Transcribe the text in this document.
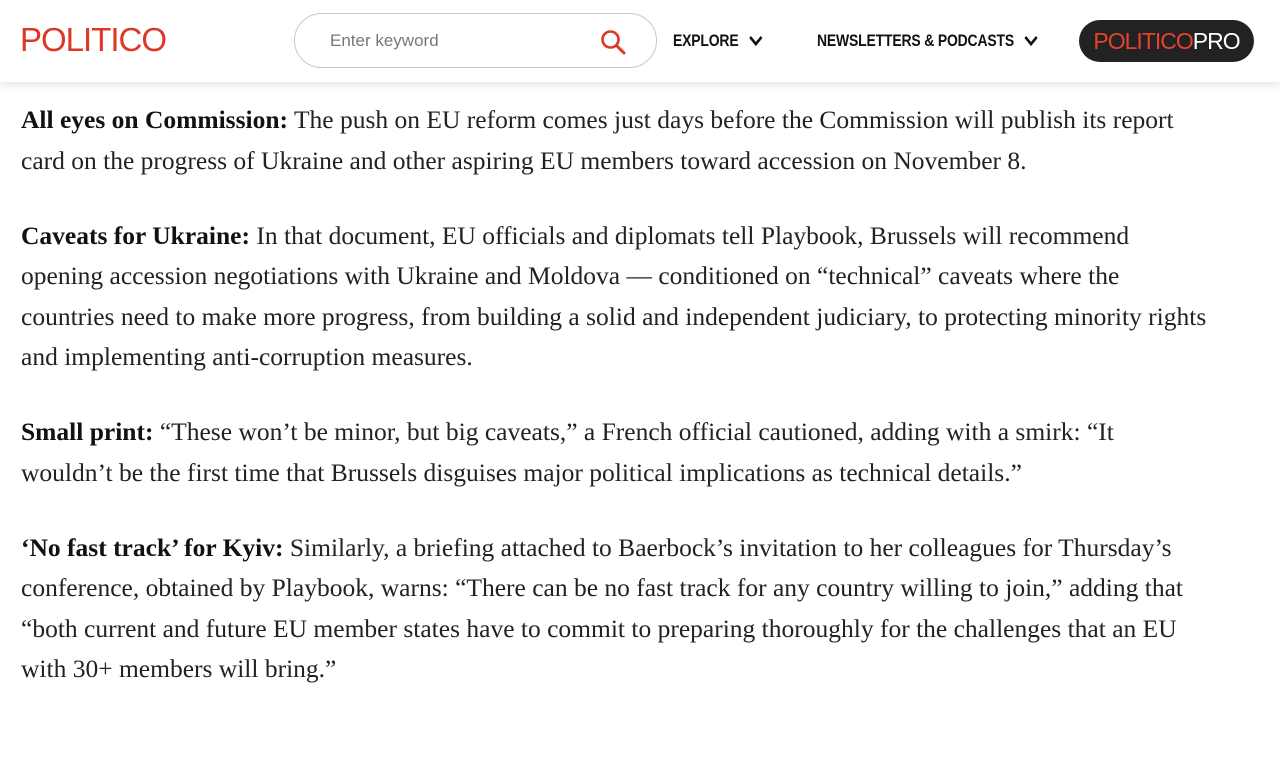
POLITICO
Enter keyword	EXPLORE	NEWSLETTERS & PODCASTS	POLITICO PRO

All eyes on Commission: The push on EU reform comes just days before the Commission will publish its report card on the progress of Ukraine and other aspiring EU members toward accession on November 8.

Caveats for Ukraine: In that document, EU officials and diplomats tell Playbook, Brussels will recommend opening accession negotiations with Ukraine and Moldova — conditioned on “technical” caveats where the countries need to make more progress, from building a solid and independent judiciary, to protecting minority rights and implementing anti-corruption measures.

Small print: “These won’t be minor, but big caveats,” a French official cautioned, adding with a smirk: “It wouldn’t be the first time that Brussels disguises major political implications as technical details.”

‘No fast track’ for Kyiv: Similarly, a briefing attached to Baerbock’s invitation to her colleagues for Thursday’s conference, obtained by Playbook, warns: “There can be no fast track for any country willing to join,” adding that “both current and future EU member states have to commit to preparing thoroughly for the challenges that an EU with 30+ members will bring.”
